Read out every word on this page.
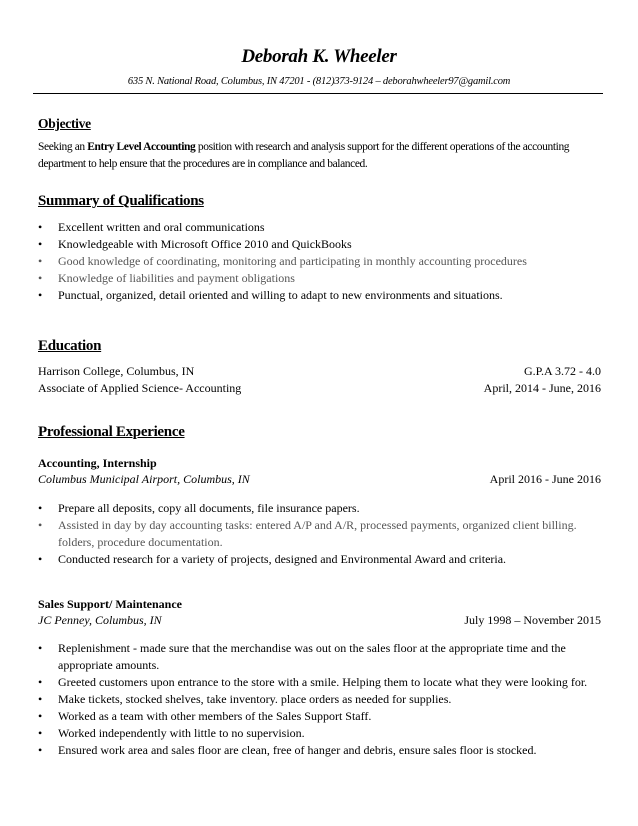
Deborah K. Wheeler
635 N. National Road, Columbus, IN 47201 - (812)373-9124 – deborahwheeler97@gamil.com
Objective
Seeking an Entry Level Accounting position with research and analysis support for the different operations of the accounting department to help ensure that the procedures are in compliance and balanced.
Summary of Qualifications
• Excellent written and oral communications
• Knowledgeable with Microsoft Office 2010 and QuickBooks
• Good knowledge of coordinating, monitoring and participating in monthly accounting procedures
• Knowledge of liabilities and payment obligations
• Punctual, organized, detail oriented and willing to adapt to new environments and situations.
Education
Harrison College, Columbus, IN	G.P.A 3.72 - 4.0
Associate of Applied Science- Accounting	April, 2014 - June, 2016
Professional Experience
Accounting, Internship
Columbus Municipal Airport, Columbus, IN	April 2016 - June 2016
• Prepare all deposits, copy all documents, file insurance papers.
• Assisted in day by day accounting tasks: entered A/P and A/R, processed payments, organized client billing. folders, procedure documentation.
• Conducted research for a variety of projects, designed and Environmental Award and criteria.
Sales Support/ Maintenance
JC Penney, Columbus, IN	July 1998 – November 2015
• Replenishment - made sure that the merchandise was out on the sales floor at the appropriate time and the appropriate amounts.
• Greeted customers upon entrance to the store with a smile. Helping them to locate what they were looking for.
• Make tickets, stocked shelves, take inventory. place orders as needed for supplies.
• Worked as a team with other members of the Sales Support Staff.
• Worked independently with little to no supervision.
• Ensured work area and sales floor are clean, free of hanger and debris, ensure sales floor is stocked.
